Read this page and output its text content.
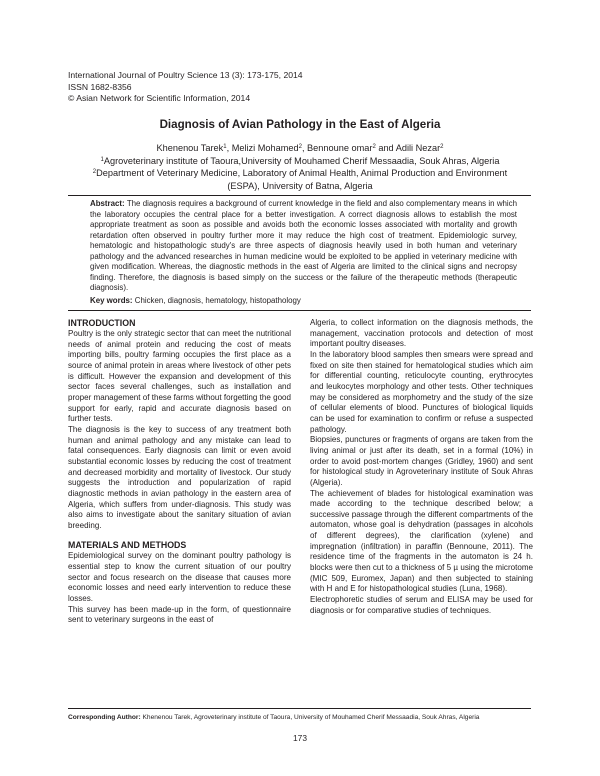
International Journal of Poultry Science 13 (3): 173-175, 2014
ISSN 1682-8356
© Asian Network for Scientific Information, 2014
Diagnosis of Avian Pathology in the East of Algeria
Khenenou Tarek$^1$, Melizi Mohamed$^2$, Bennoune omar$^2$ and Adili Nezar$^2$
$^1$Agroveterinary institute of Taoura,University of Mouhamed Cherif Messaadia, Souk Ahras, Algeria
$^2$Department of Veterinary Medicine, Laboratory of Animal Health, Animal Production and Environment
(ESPA), University of Batna, Algeria
Abstract: The diagnosis requires a background of current knowledge in the field and also complementary means in which the laboratory occupies the central place for a better investigation. A correct diagnosis allows to establish the most appropriate treatment as soon as possible and avoids both the economic losses associated with mortality and growth retardation often observed in poultry further more it may reduce the high cost of treatment. Epidemiologic survey, hematologic and histopathologic study's are three aspects of diagnosis heavily used in both human and veterinary pathology and the advanced researches in human medicine would be exploited to be applied in veterinary medicine with given modification. Whereas, the diagnostic methods in the east of Algeria are limited to the clinical signs and necropsy finding. Therefore, the diagnosis is based simply on the success or the failure of the therapeutic methods (therapeutic diagnosis).
Key words: Chicken, diagnosis, hematology, histopathology
INTRODUCTION

Poultry is the only strategic sector that can meet the nutritional needs of animal protein and reducing the cost of meats importing bills, poultry farming occupies the first place as a source of animal protein in areas where livestock of other pets is difficult. However the expansion and development of this sector faces several challenges, such as installation and proper management of these farms without forgetting the good support for early, rapid and accurate diagnosis based on further tests.

The diagnosis is the key to success of any treatment both human and animal pathology and any mistake can lead to fatal consequences. Early diagnosis can limit or even avoid substantial economic losses by reducing the cost of treatment and decreased morbidity and mortality of livestock. Our study suggests the introduction and popularization of rapid diagnostic methods in avian pathology in the eastern area of Algeria, which suffers from under-diagnosis. This study was also aims to investigate about the sanitary situation of avian breeding.

MATERIALS AND METHODS

Epidemiological survey on the dominant poultry pathology is essential step to know the current situation of our poultry sector and focus research on the disease that causes more economic losses and need early intervention to reduce these losses.

This survey has been made-up in the form, of questionnaire sent to veterinary surgeons in the east of

Algeria, to collect information on the diagnosis methods, the management, vaccination protocols and detection of most important poultry diseases.

In the laboratory blood samples then smears were spread and fixed on site then stained for hematological studies which aim for differential counting, reticulocyte counting, erythrocytes and leukocytes morphology and other tests. Other techniques may be considered as morphometry and the study of the size of cellular elements of blood. Punctures of biological liquids can be used for examination to confirm or refuse a suspected pathology.

Biopsies, punctures or fragments of organs are taken from the living animal or just after its death, set in a formal (10%) in order to avoid post-mortem changes (Gridley, 1960) and sent for histological study in Agroveterinary institute of Souk Ahras (Algeria).

The achievement of blades for histological examination was made according to the technique described below; a successive passage through the different compartments of the automaton, whose goal is dehydration (passages in alcohols of different degrees), the clarification (xylene) and impregnation (infiltration) in paraffin (Bennoune, 2011). The residence time of the fragments in the automaton is 24 h. blocks were then cut to a thickness of 5 µ using the microtome (MIC 509, Euromex, Japan) and then subjected to staining with H and E for histopathological studies (Luna, 1968).

Electrophoretic studies of serum and ELISA may be used for diagnosis or for comparative studies of techniques.

Corresponding Author: Khenenou Tarek, Agroveterinary institute of Taoura, University of Mouhamed Cherif Messaadia, Souk Ahras, Algeria
173
